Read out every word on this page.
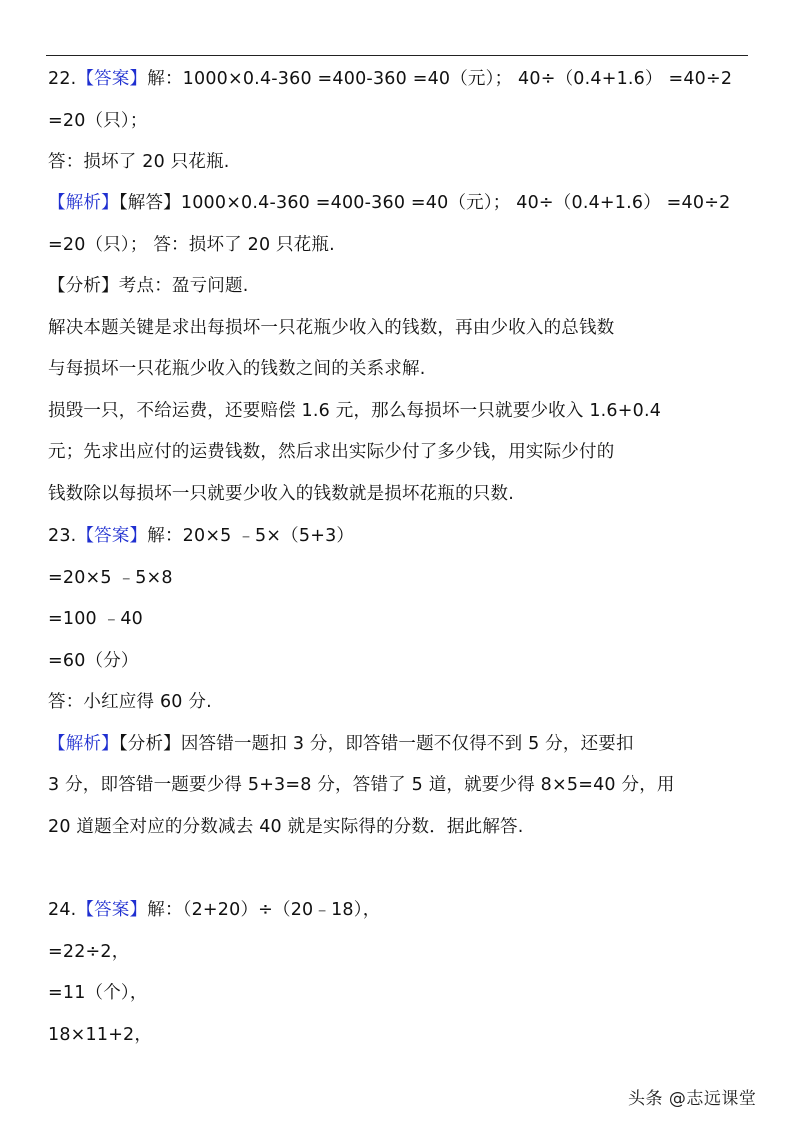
22.【答案】解：1000×0.4-360 =400-360 =40（元）； 40÷（0.4+1.6） =40÷2
=20（只）；
答：损坏了 20 只花瓶.
【解析】【解答】1000×0.4-360 =400-360 =40（元）； 40÷（0.4+1.6） =40÷2
=20（只）； 答：损坏了 20 只花瓶.
【分析】考点：盈亏问题.
解决本题关键是求出每损坏一只花瓶少收入的钱数，再由少收入的总钱数
与每损坏一只花瓶少收入的钱数之间的关系求解.
损毁一只，不给运费，还要赔偿 1.6 元，那么每损坏一只就要少收入 1.6+0.4
元；先求出应付的运费钱数，然后求出实际少付了多少钱，用实际少付的
钱数除以每损坏一只就要少收入的钱数就是损坏花瓶的只数.
23.【答案】解：20×5 ﹣5×（5+3）
=20×5 ﹣5×8
=100 ﹣40
=60（分）
答：小红应得 60 分.
【解析】【分析】因答错一题扣 3 分，即答错一题不仅得不到 5 分，还要扣
3 分，即答错一题要少得 5+3=8 分，答错了 5 道，就要少得 8×5=40 分，用
20 道题全对应的分数减去 40 就是实际得的分数．据此解答.
24.【答案】解：（2+20）÷（20﹣18），
=22÷2，
=11（个），
18×11+2，
头条 @志远课堂
